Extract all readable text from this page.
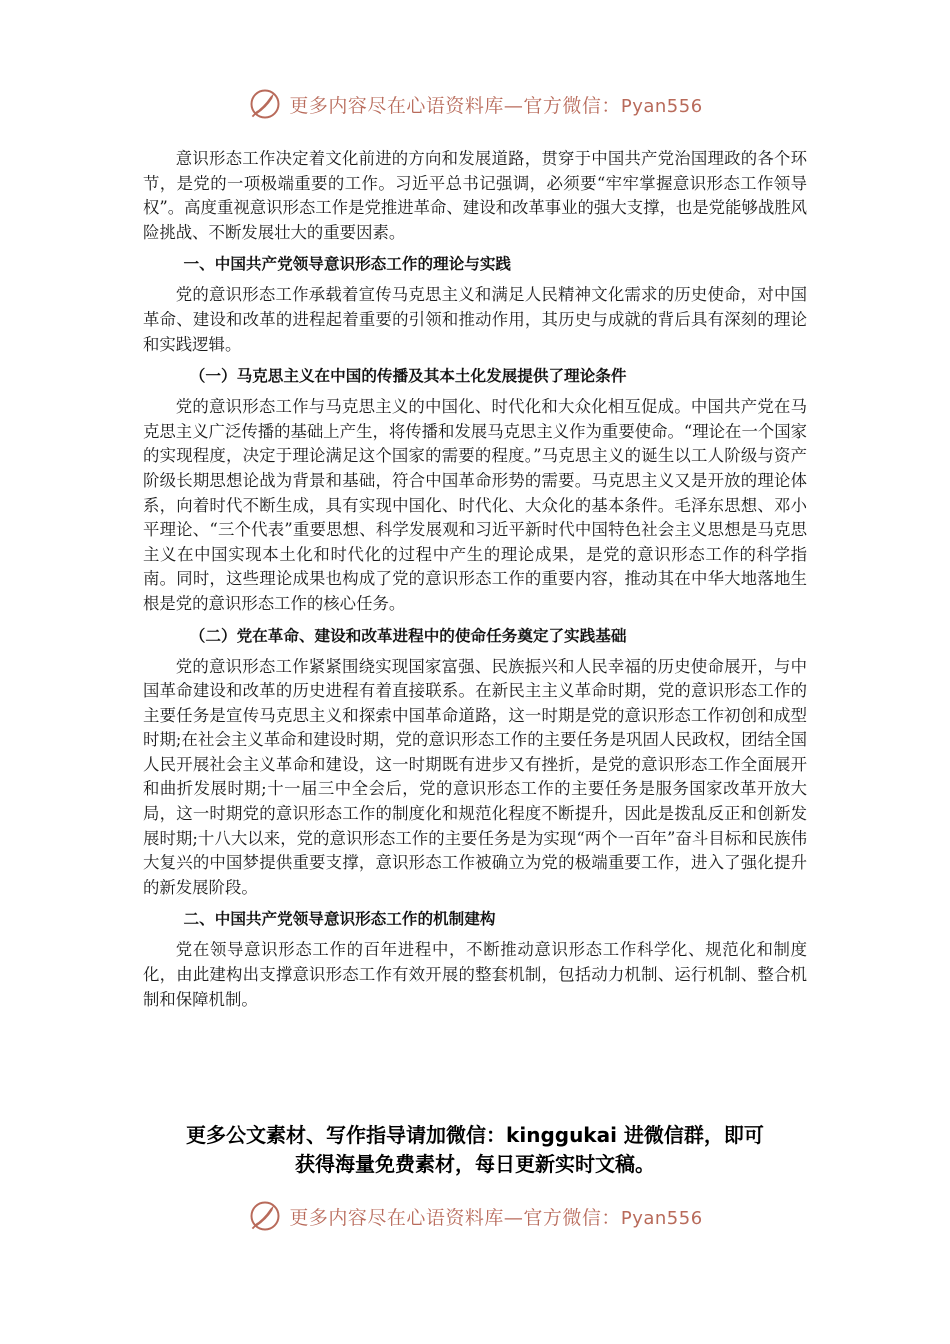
更多内容尽在心语资料库—官方微信：Pyan556

意识形态工作决定着文化前进的方向和发展道路，贯穿于中国共产党治国理政的各个环节，是党的一项极端重要的工作。习近平总书记强调，必须要“牢牢掌握意识形态工作领导权”。高度重视意识形态工作是党推进革命、建设和改革事业的强大支撑，也是党能够战胜风险挑战、不断发展壮大的重要因素。

一、中国共产党领导意识形态工作的理论与实践

党的意识形态工作承载着宣传马克思主义和满足人民精神文化需求的历史使命，对中国革命、建设和改革的进程起着重要的引领和推动作用，其历史与成就的背后具有深刻的理论和实践逻辑。

（一）马克思主义在中国的传播及其本土化发展提供了理论条件

党的意识形态工作与马克思主义的中国化、时代化和大众化相互促成。中国共产党在马克思主义广泛传播的基础上产生，将传播和发展马克思主义作为重要使命。“理论在一个国家的实现程度，决定于理论满足这个国家的需要的程度。”马克思主义的诞生以工人阶级与资产阶级长期思想论战为背景和基础，符合中国革命形势的需要。马克思主义又是开放的理论体系，向着时代不断生成，具有实现中国化、时代化、大众化的基本条件。毛泽东思想、邓小平理论、“三个代表”重要思想、科学发展观和习近平新时代中国特色社会主义思想是马克思主义在中国实现本土化和时代化的过程中产生的理论成果，是党的意识形态工作的科学指南。同时，这些理论成果也构成了党的意识形态工作的重要内容，推动其在中华大地落地生根是党的意识形态工作的核心任务。

（二）党在革命、建设和改革进程中的使命任务奠定了实践基础

党的意识形态工作紧紧围绕实现国家富强、民族振兴和人民幸福的历史使命展开，与中国革命建设和改革的历史进程有着直接联系。在新民主主义革命时期，党的意识形态工作的主要任务是宣传马克思主义和探索中国革命道路，这一时期是党的意识形态工作初创和成型时期;在社会主义革命和建设时期，党的意识形态工作的主要任务是巩固人民政权，团结全国人民开展社会主义革命和建设，这一时期既有进步又有挫折，是党的意识形态工作全面展开和曲折发展时期;十一届三中全会后，党的意识形态工作的主要任务是服务国家改革开放大局，这一时期党的意识形态工作的制度化和规范化程度不断提升，因此是拨乱反正和创新发展时期;十八大以来，党的意识形态工作的主要任务是为实现“两个一百年”奋斗目标和民族伟大复兴的中国梦提供重要支撑，意识形态工作被确立为党的极端重要工作，进入了强化提升的新发展阶段。

二、中国共产党领导意识形态工作的机制建构

党在领导意识形态工作的百年进程中，不断推动意识形态工作科学化、规范化和制度化，由此建构出支撑意识形态工作有效开展的整套机制，包括动力机制、运行机制、整合机制和保障机制。

更多公文素材、写作指导请加微信：kinggukai 进微信群，即可
获得海量免费素材，每日更新实时文稿。
更多内容尽在心语资料库—官方微信：Pyan556
